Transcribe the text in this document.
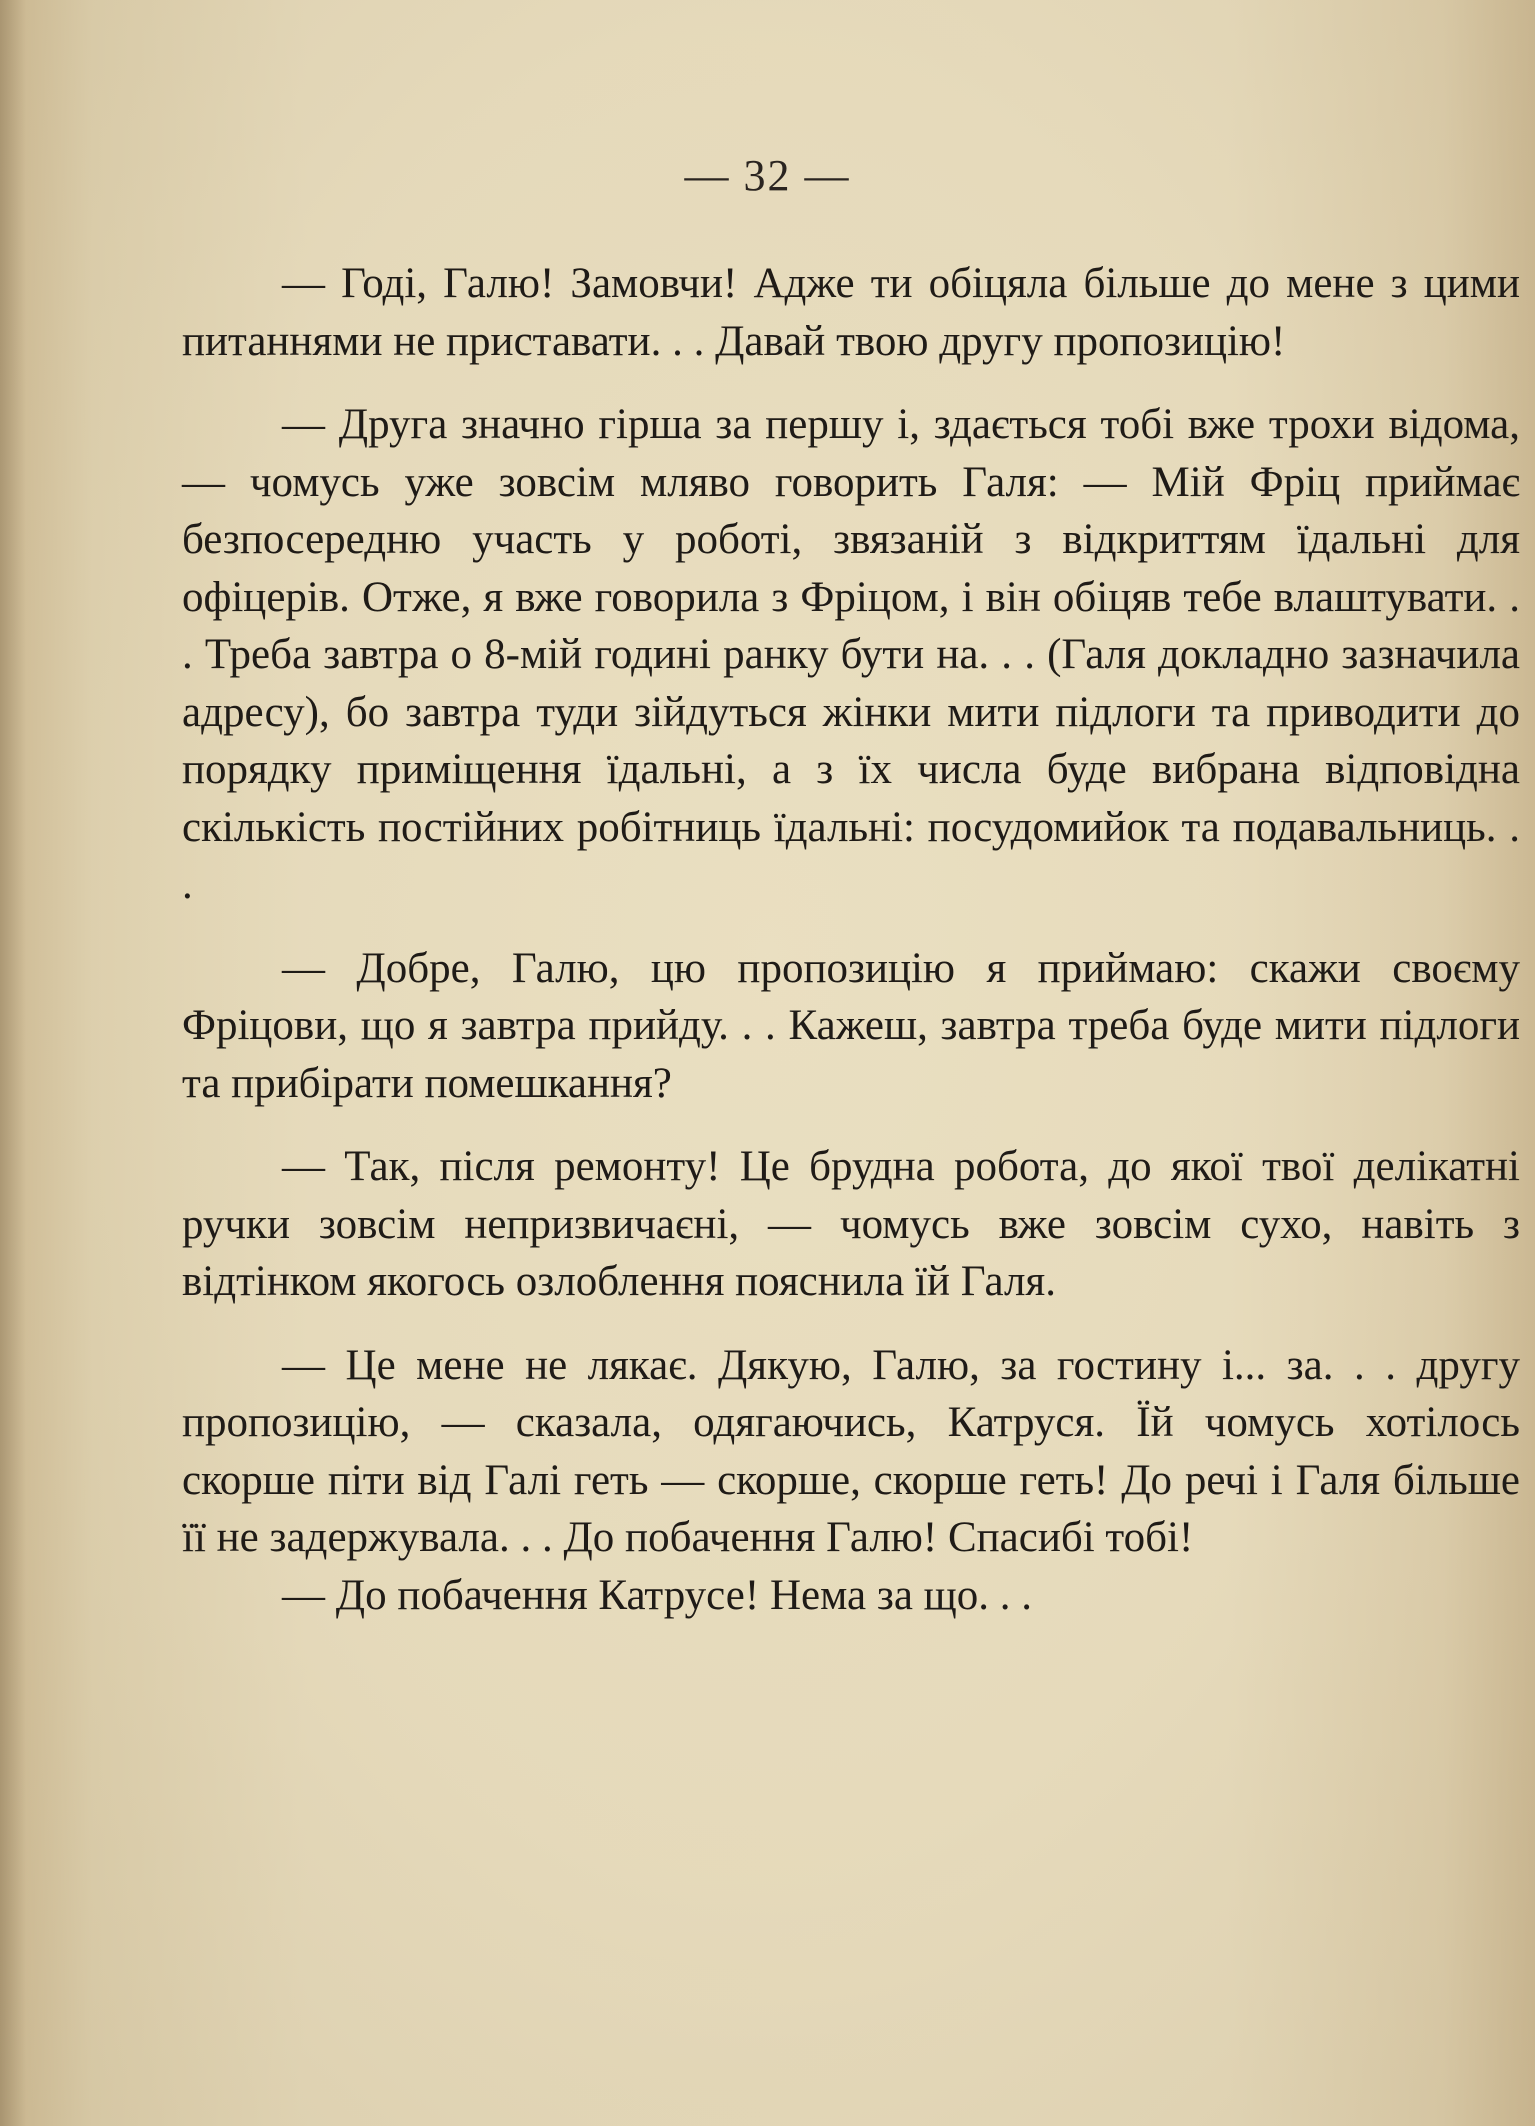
— 32 —

— Годі, Галю! Замовчи! Адже ти обіцяла більше до мене з цими питаннями не приставати. . . Давай твою другу пропозицію!

— Друга значно гірша за першу і, здається тобі вже трохи відома, — чомусь уже зовсім мляво говорить Галя: — Мій Фріц приймає безпосередню участь у роботі, звязаній з відкриттям їдальні для офіцерів. Отже, я вже говорила з Фріцом, і він обіцяв тебе влаштувати. . . Треба завтра о 8-мій годині ранку бути на. . . (Галя докладно зазначила адресу), бо завтра туди зійдуться жінки мити підлоги та приводити до порядку приміщення їдальні, а з їх числа буде вибрана відповідна скількість постійних робітниць їдальні: посудомийок та подавальниць. . .

— Добре, Галю, цю пропозицію я приймаю: скажи своєму Фріцови, що я завтра прийду. . . Кажеш, завтра треба буде мити підлоги та прибірати помешкання?

— Так, після ремонту! Це брудна робота, до якої твої делікатні ручки зовсім непризвичаєні, — чомусь вже зовсім сухо, навіть з відтінком якогось озлоблення пояснила їй Галя.

— Це мене не лякає. Дякую, Галю, за гостину і... за. . . другу пропозицію, — сказала, одягаючись, Катруся. Їй чомусь хотілось скорше піти від Галі геть — скорше, скорше геть! До речі і Галя більше її не задержувала. . . До побачення Галю! Спасибі тобі!

— До побачення Катрусе! Нема за що. . .
